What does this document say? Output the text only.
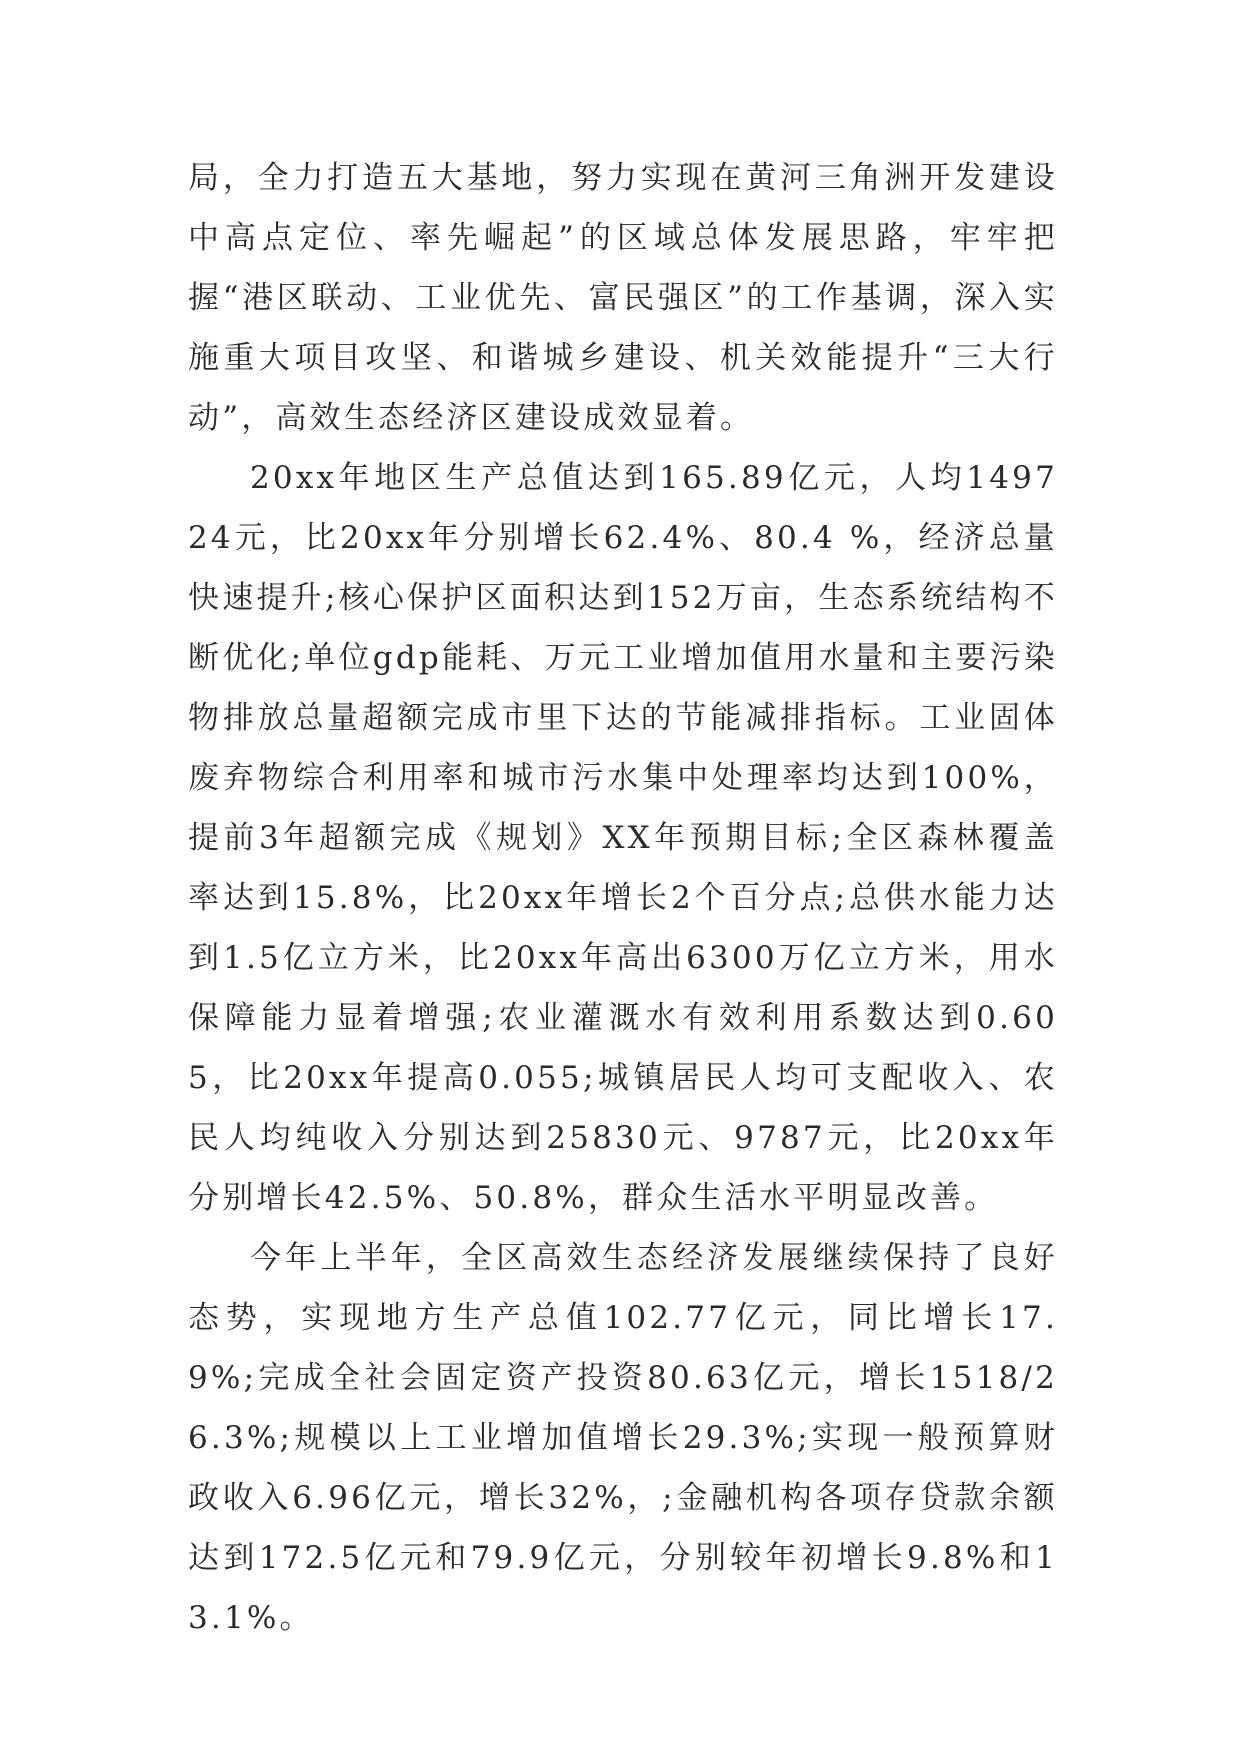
局，全力打造五大基地，努力实现在黄河三角洲开发建设中高点定位、率先崛起”的区域总体发展思路，牢牢把握“港区联动、工业优先、富民强区”的工作基调，深入实施重大项目攻坚、和谐城乡建设、机关效能提升“三大行动”，高效生态经济区建设成效显着。

20xx年地区生产总值达到165.89亿元，人均149724元，比20xx年分别增长62.4%、80.4 %，经济总量快速提升;核心保护区面积达到152万亩，生态系统结构不断优化;单位gdp能耗、万元工业增加值用水量和主要污染物排放总量超额完成市里下达的节能减排指标。工业固体废弃物综合利用率和城市污水集中处理率均达到100%，提前3年超额完成《规划》XX年预期目标;全区森林覆盖率达到15.8%，比20xx年增长2个百分点;总供水能力达到1.5亿立方米，比20xx年高出6300万亿立方米，用水保障能力显着增强;农业灌溉水有效利用系数达到0.605，比20xx年提高0.055;城镇居民人均可支配收入、农民人均纯收入分别达到25830元、9787元，比20xx年分别增长42.5%、50.8%，群众生活水平明显改善。

今年上半年，全区高效生态经济发展继续保持了良好态势，实现地方生产总值102.77亿元，同比增长17.9%;完成全社会固定资产投资80.63亿元，增长1518/26.3%;规模以上工业增加值增长29.3%;实现一般预算财政收入6.96亿元，增长32%，;金融机构各项存贷款余额达到172.5亿元和79.9亿元，分别较年初增长9.8%和13.1%。
